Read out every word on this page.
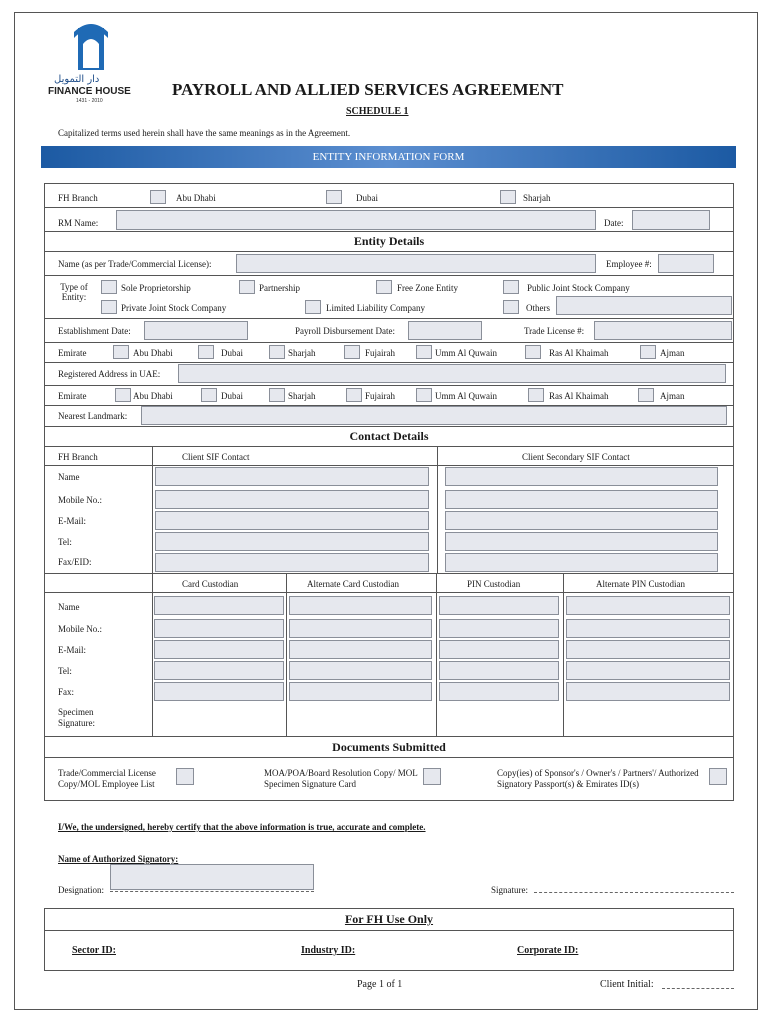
دار التمويل
FINANCE HOUSE
1431 - 2010
PAYROLL AND ALLIED SERVICES AGREEMENT
SCHEDULE 1
Capitalized terms used herein shall have the same meanings as in the Agreement.
ENTITY INFORMATION FORM
FH Branch	Abu Dhabi	Dubai	Sharjah
RM Name:	Date:
Entity Details
Name (as per Trade/Commercial License):	Employee #:
Type of Entity:
Sole Proprietorship	Partnership	Free Zone Entity	Public Joint Stock Company
Private Joint Stock Company	Limited Liability Company	Others
Establishment Date:	Payroll Disbursement Date:	Trade License #:
Emirate	Abu Dhabi	Dubai	Sharjah	Fujairah	Umm Al Quwain	Ras Al Khaimah	Ajman
Registered Address in UAE:
Emirate	Abu Dhabi	Dubai	Sharjah	Fujairah	Umm Al Quwain	Ras Al Khaimah	Ajman
Nearest Landmark:
Contact Details
FH Branch	Client SIF Contact	Client Secondary SIF Contact
Name
Mobile No.:
E-Mail:
Tel:
Fax/EID:
Card Custodian	Alternate Card Custodian	PIN Custodian	Alternate PIN Custodian
Name
Mobile No.:
E-Mail:
Tel:
Fax:
Specimen Signature:
Documents Submitted
Trade/Commercial License Copy/MOL Employee List
MOA/POA/Board Resolution Copy/ MOL Specimen Signature Card
Copy(ies) of Sponsor's / Owner's / Partners'/ Authorized Signatory Passport(s) & Emirates ID(s)
I/We, the undersigned, hereby certify that the above information is true, accurate and complete.
Name of Authorized Signatory:
Designation:	Signature:
For FH Use Only
Sector ID:	Industry ID:	Corporate ID:
Page 1 of 1	Client Initial:
